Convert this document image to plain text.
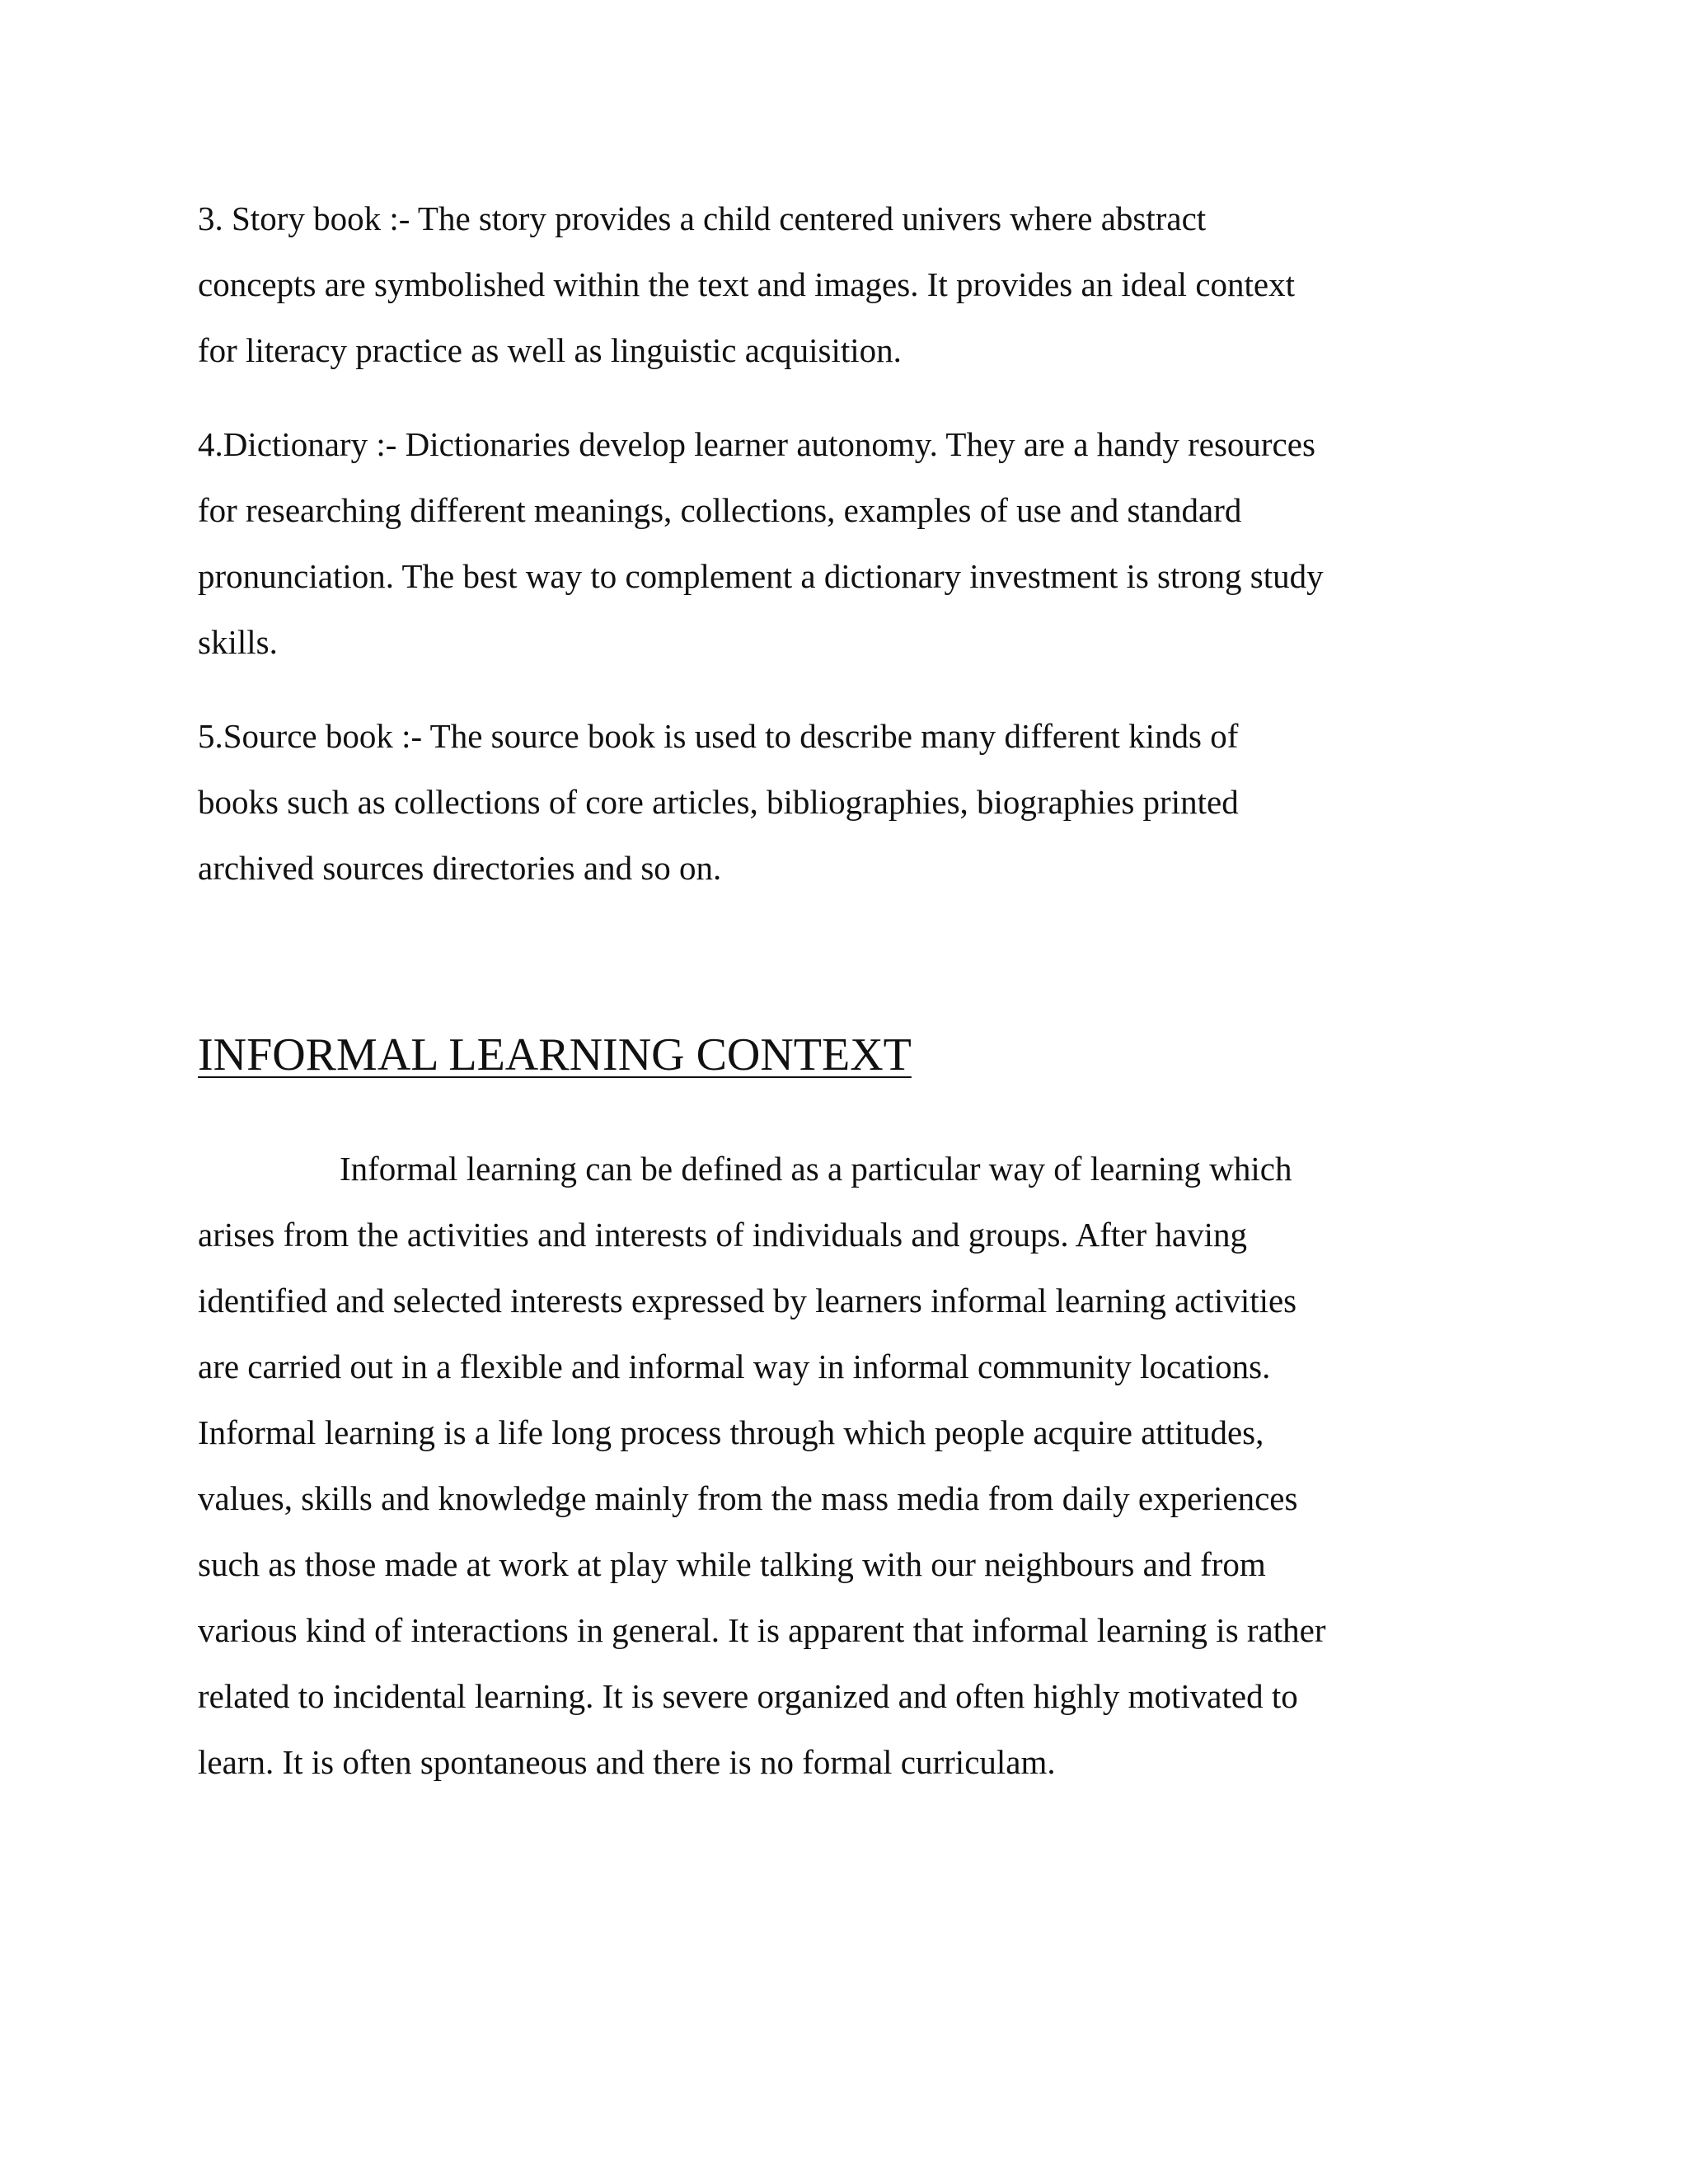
3. Story book :- The story provides a child centered univers where abstract
concepts are symbolished within the text and images. It provides an ideal context
for literacy practice as well as linguistic acquisition.

4.Dictionary :- Dictionaries develop learner autonomy. They are a handy resources
for researching different meanings, collections, examples of use and standard
pronunciation. The best way to complement a dictionary investment is strong study
skills.

5.Source book :- The source book is used to describe many different kinds of
books such as collections of core articles, bibliographies, biographies printed
archived sources directories and so on.

INFORMAL LEARNING CONTEXT
Informal learning can be defined as a particular way of learning which
arises from the activities and interests of individuals and groups. After having
identified and selected interests expressed by learners informal learning activities
are carried out in a flexible and informal way in informal community locations.
Informal learning is a life long process through which people acquire attitudes,
values, skills and knowledge mainly from the mass media from daily experiences
such as those made at work at play while talking with our neighbours and from
various kind of interactions in general. It is apparent that informal learning is rather
related to incidental learning. It is severe organized and often highly motivated to
learn. It is often spontaneous and there is no formal curriculam.
